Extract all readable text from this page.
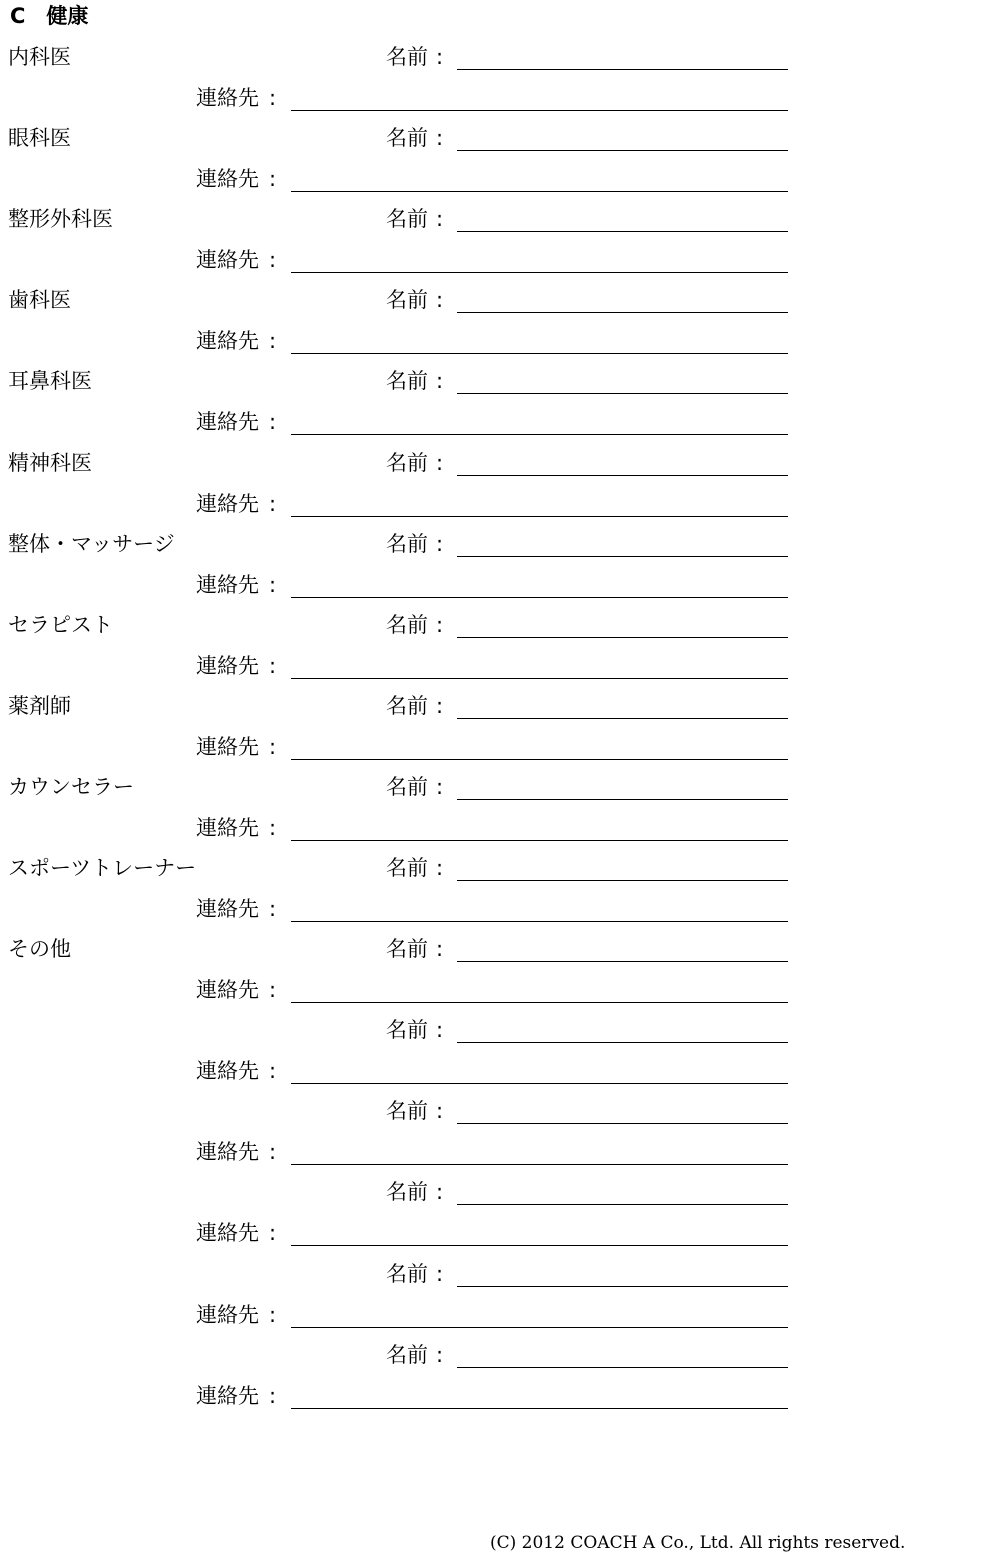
C　健康
内科医	名前 :
連絡先 :
眼科医	名前 :
連絡先 :
整形外科医	名前 :
連絡先 :
歯科医	名前 :
連絡先 :
耳鼻科医	名前 :
連絡先 :
精神科医	名前 :
連絡先 :
整体・マッサージ	名前 :
連絡先 :
セラピスト	名前 :
連絡先 :
薬剤師	名前 :
連絡先 :
カウンセラー	名前 :
連絡先 :
スポーツトレーナー	名前 :
連絡先 :
その他	名前 :
連絡先 :
名前 :
連絡先 :
名前 :
連絡先 :
名前 :
連絡先 :
名前 :
連絡先 :
名前 :
連絡先 :
(C) 2012 COACH A Co., Ltd. All rights reserved.
